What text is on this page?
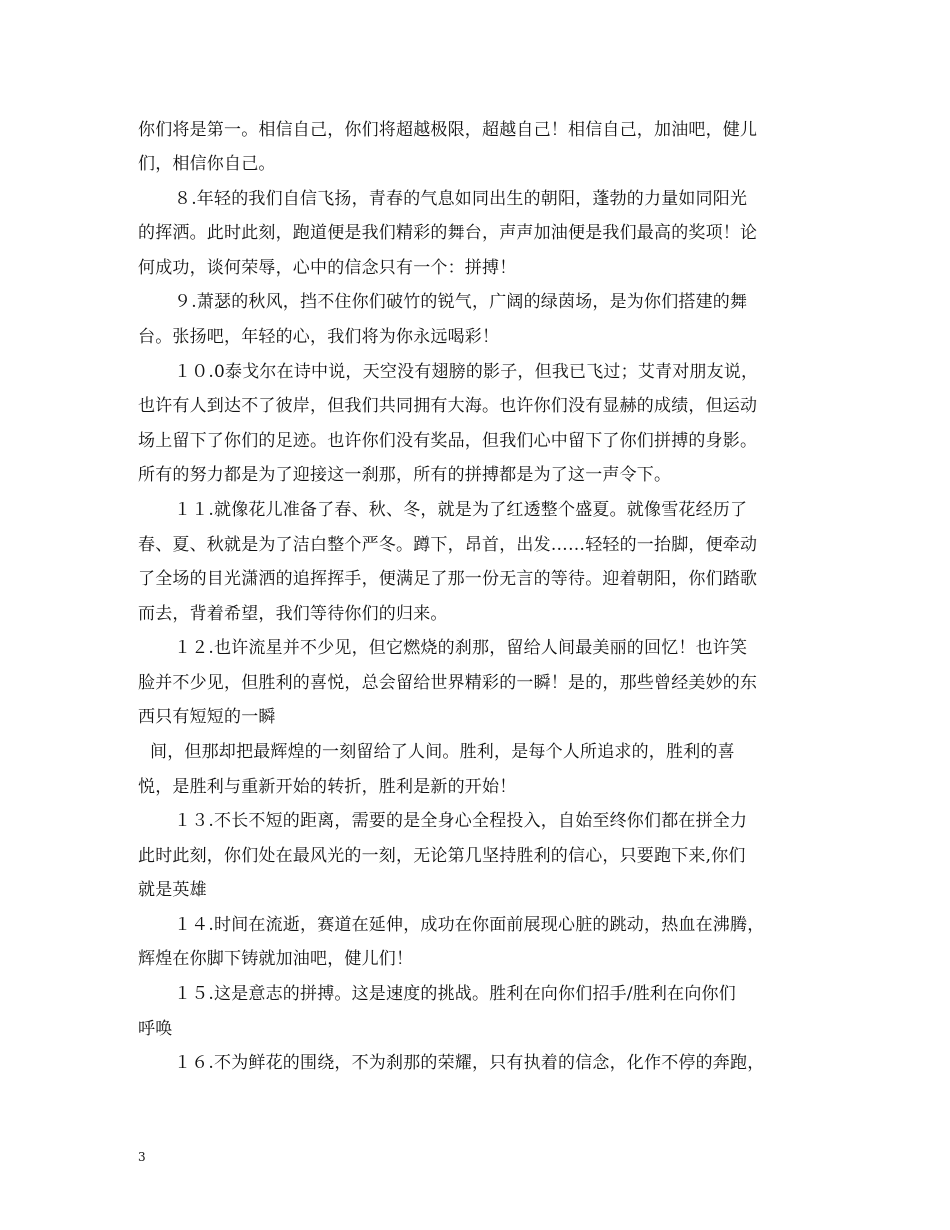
你们将是第一。相信自己，你们将超越极限，超越自己！相信自己，加油吧，健儿
们，相信你自己。
８.年轻的我们自信飞扬，青春的气息如同出生的朝阳，蓬勃的力量如同阳光
的挥洒。此时此刻，跑道便是我们精彩的舞台，声声加油便是我们最高的奖项！论
何成功，谈何荣辱，心中的信念只有一个：拼搏！
９.萧瑟的秋风，挡不住你们破竹的锐气，广阔的绿茵场，是为你们搭建的舞
台。张扬吧，年轻的心，我们将为你永远喝彩！
１０.0泰戈尔在诗中说，天空没有翅膀的影子，但我已飞过；艾青对朋友说，
也许有人到达不了彼岸，但我们共同拥有大海。也许你们没有显赫的成绩，但运动
场上留下了你们的足迹。也许你们没有奖品，但我们心中留下了你们拼搏的身影。
所有的努力都是为了迎接这一刹那，所有的拼搏都是为了这一声令下。
１１.就像花儿准备了春、秋、冬，就是为了红透整个盛夏。就像雪花经历了
春、夏、秋就是为了洁白整个严冬。蹲下，昂首，出发……轻轻的一抬脚，便牵动
了全场的目光潇洒的追挥挥手，便满足了那一份无言的等待。迎着朝阳，你们踏歌
而去，背着希望，我们等待你们的归来。
１２.也许流星并不少见，但它燃烧的刹那，留给人间最美丽的回忆！也许笑
脸并不少见，但胜利的喜悦，总会留给世界精彩的一瞬！是的，那些曾经美妙的东
西只有短短的一瞬
间，但那却把最辉煌的一刻留给了人间。胜利，是每个人所追求的，胜利的喜
悦，是胜利与重新开始的转折，胜利是新的开始！
１３.不长不短的距离，需要的是全身心全程投入，自始至终你们都在拼全力
此时此刻，你们处在最风光的一刻，无论第几坚持胜利的信心，只要跑下来,你们
就是英雄
１４.时间在流逝，赛道在延伸，成功在你面前展现心脏的跳动，热血在沸腾，
辉煌在你脚下铸就加油吧，健儿们！
１５.这是意志的拼搏。这是速度的挑战。胜利在向你们招手/胜利在向你们
呼唤
１６.不为鲜花的围绕，不为刹那的荣耀，只有执着的信念，化作不停的奔跑，
3
